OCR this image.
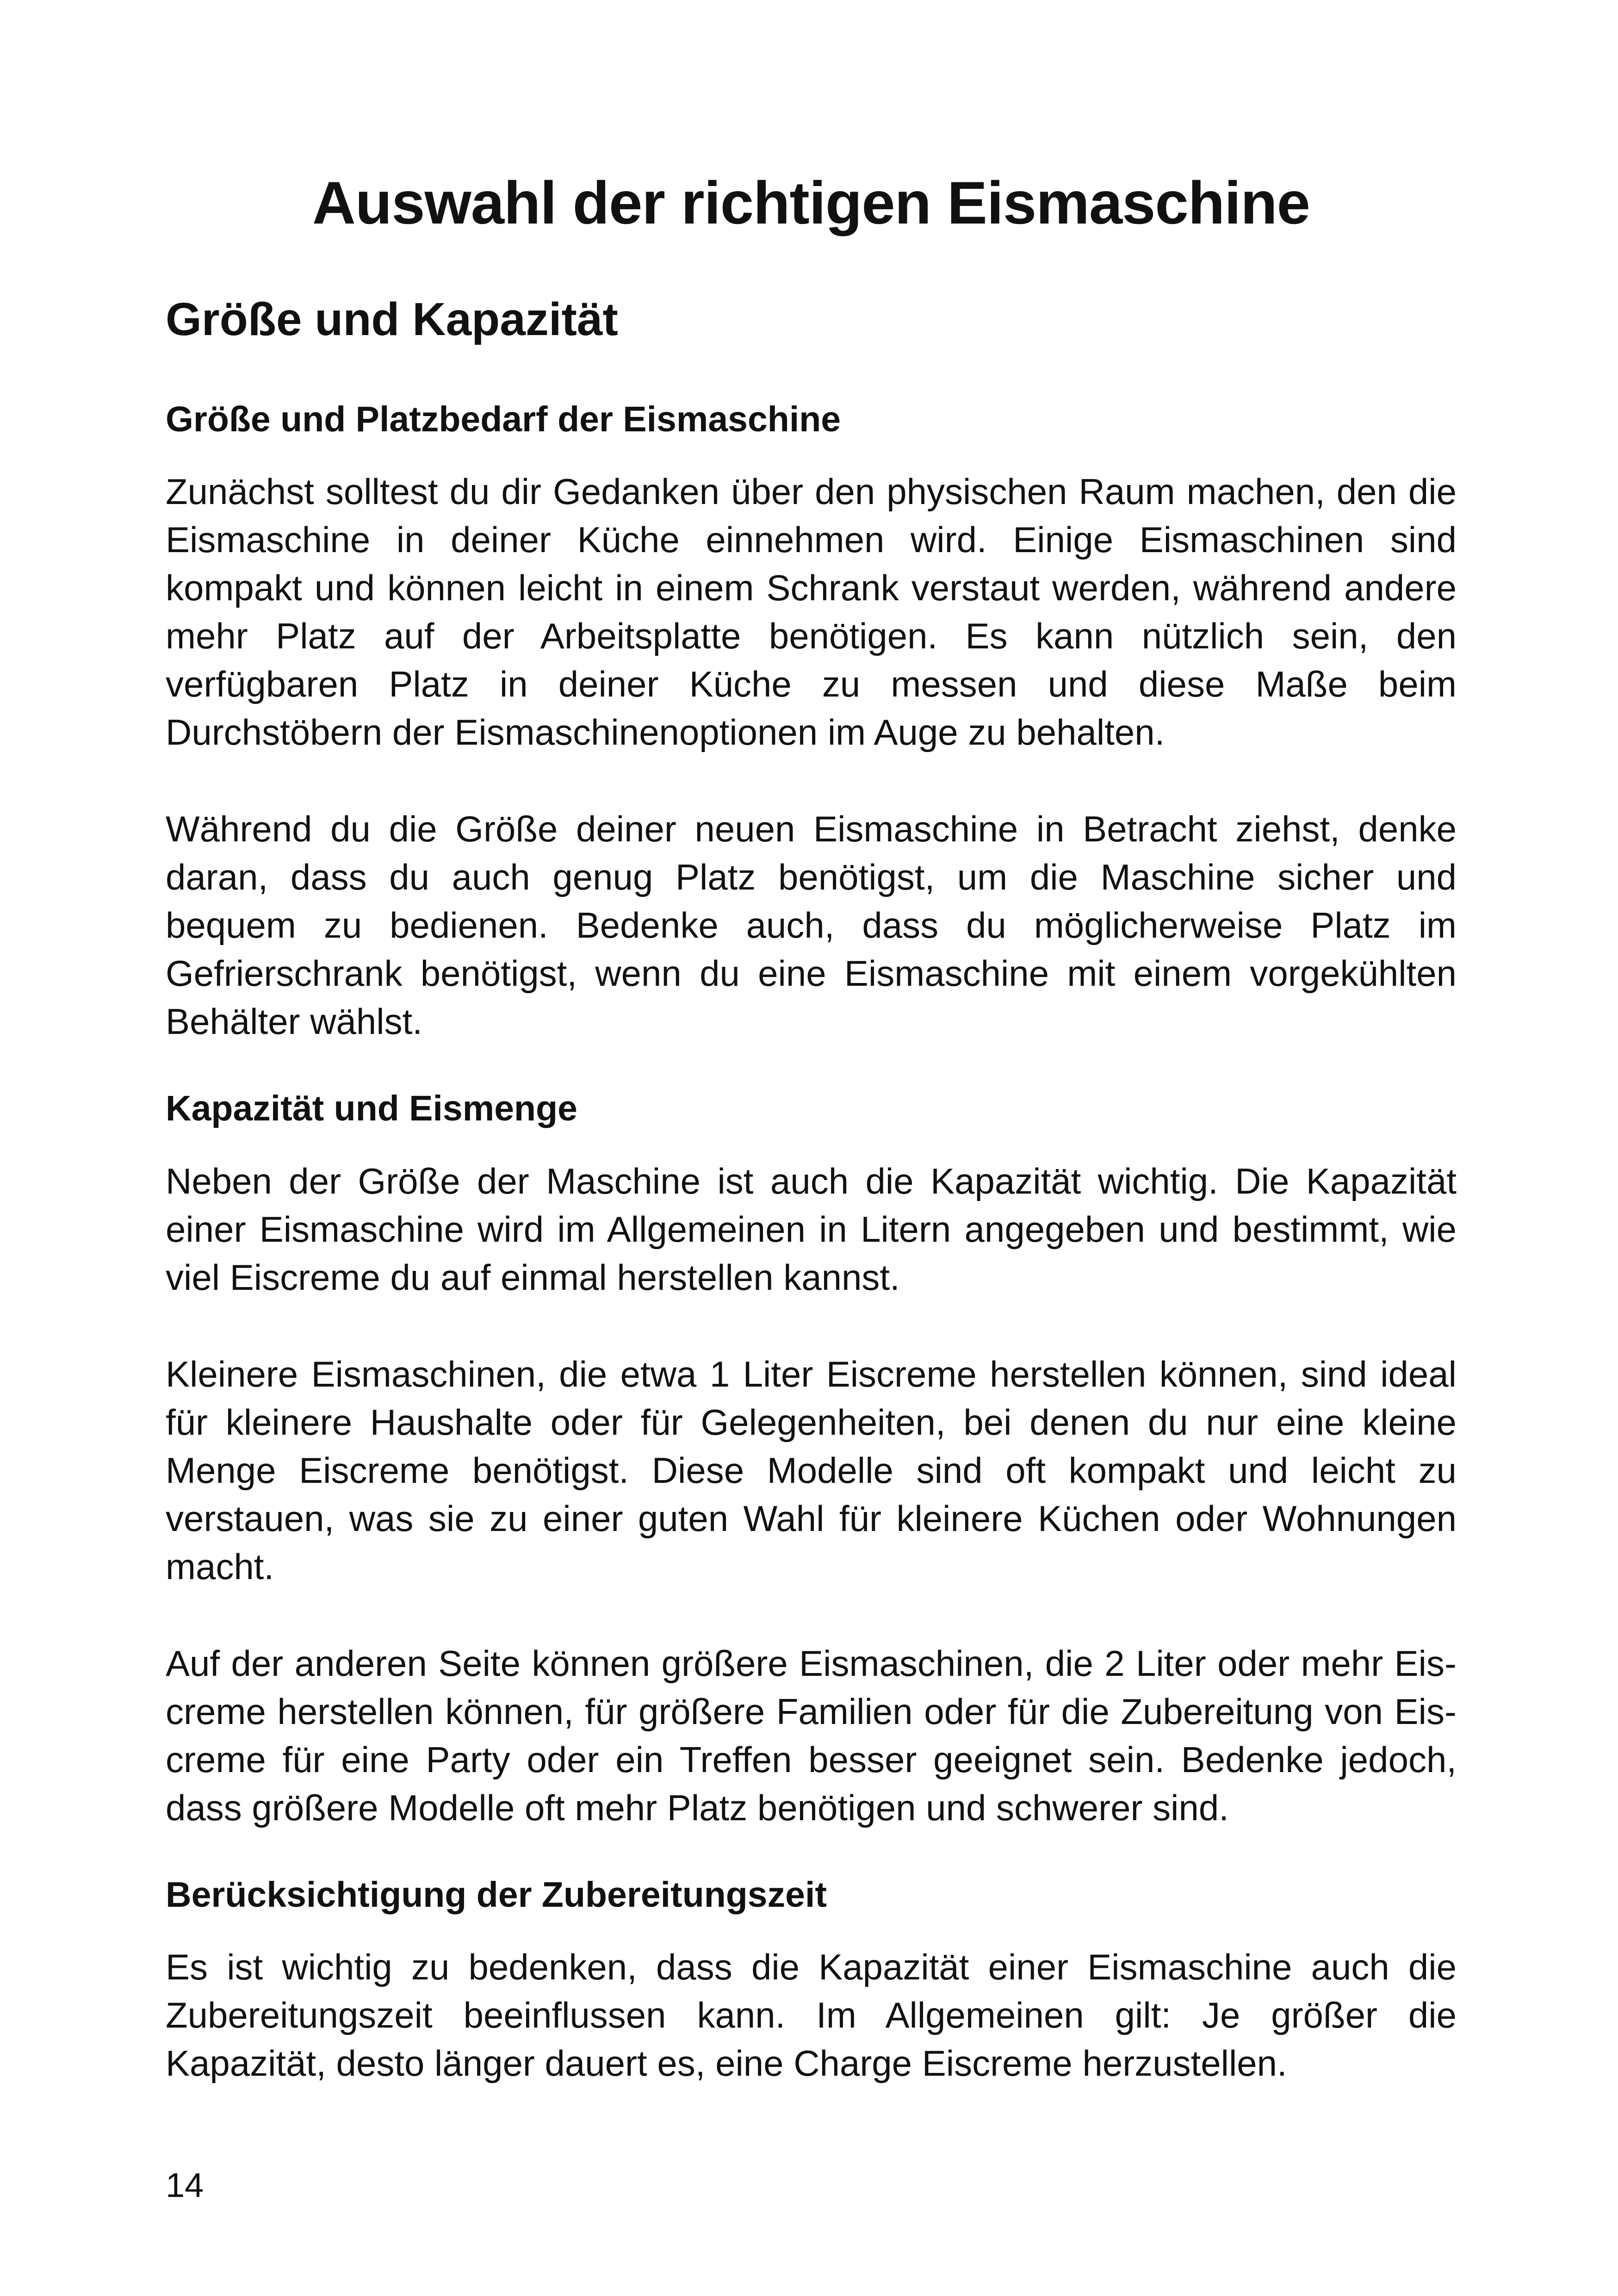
Auswahl der richtigen Eismaschine
Größe und Kapazität
Größe und Platzbedarf der Eismaschine

Zunächst solltest du dir Gedanken über den physischen Raum machen, den die Eismaschine in deiner Küche einnehmen wird. Einige Eismaschinen sind kompakt und können leicht in einem Schrank verstaut werden, während andere mehr Platz auf der Arbeitsplatte benötigen. Es kann nützlich sein, den verfügbaren Platz in deiner Küche zu messen und diese Maße beim Durchstöbern der Eismaschinenoptionen im Auge zu behalten.

Während du die Größe deiner neuen Eismaschine in Betracht ziehst, denke daran, dass du auch genug Platz benötigst, um die Maschine sicher und bequem zu bedienen. Bedenke auch, dass du möglicherweise Platz im Gefrierschrank benötigst, wenn du eine Eismaschine mit einem vorgekühlten Behälter wählst.

Kapazität und Eismenge

Neben der Größe der Maschine ist auch die Kapazität wichtig. Die Kapazität einer Eismaschine wird im Allgemeinen in Litern angegeben und bestimmt, wie viel Eiscreme du auf einmal herstellen kannst.

Kleinere Eismaschinen, die etwa 1 Liter Eiscreme herstellen können, sind ideal für kleinere Haushalte oder für Gelegenheiten, bei denen du nur eine kleine Menge Eiscreme benötigst. Diese Modelle sind oft kompakt und leicht zu verstauen, was sie zu einer guten Wahl für kleinere Küchen oder Wohnungen macht.

Auf der anderen Seite können größere Eismaschinen, die 2 Liter oder mehr Eiscreme herstellen können, für größere Familien oder für die Zubereitung von Eiscreme für eine Party oder ein Treffen besser geeignet sein. Bedenke jedoch, dass größere Modelle oft mehr Platz benötigen und schwerer sind.

Berücksichtigung der Zubereitungszeit

Es ist wichtig zu bedenken, dass die Kapazität einer Eismaschine auch die Zubereitungszeit beeinflussen kann. Im Allgemeinen gilt: Je größer die Kapazität, desto länger dauert es, eine Charge Eiscreme herzustellen.

14
